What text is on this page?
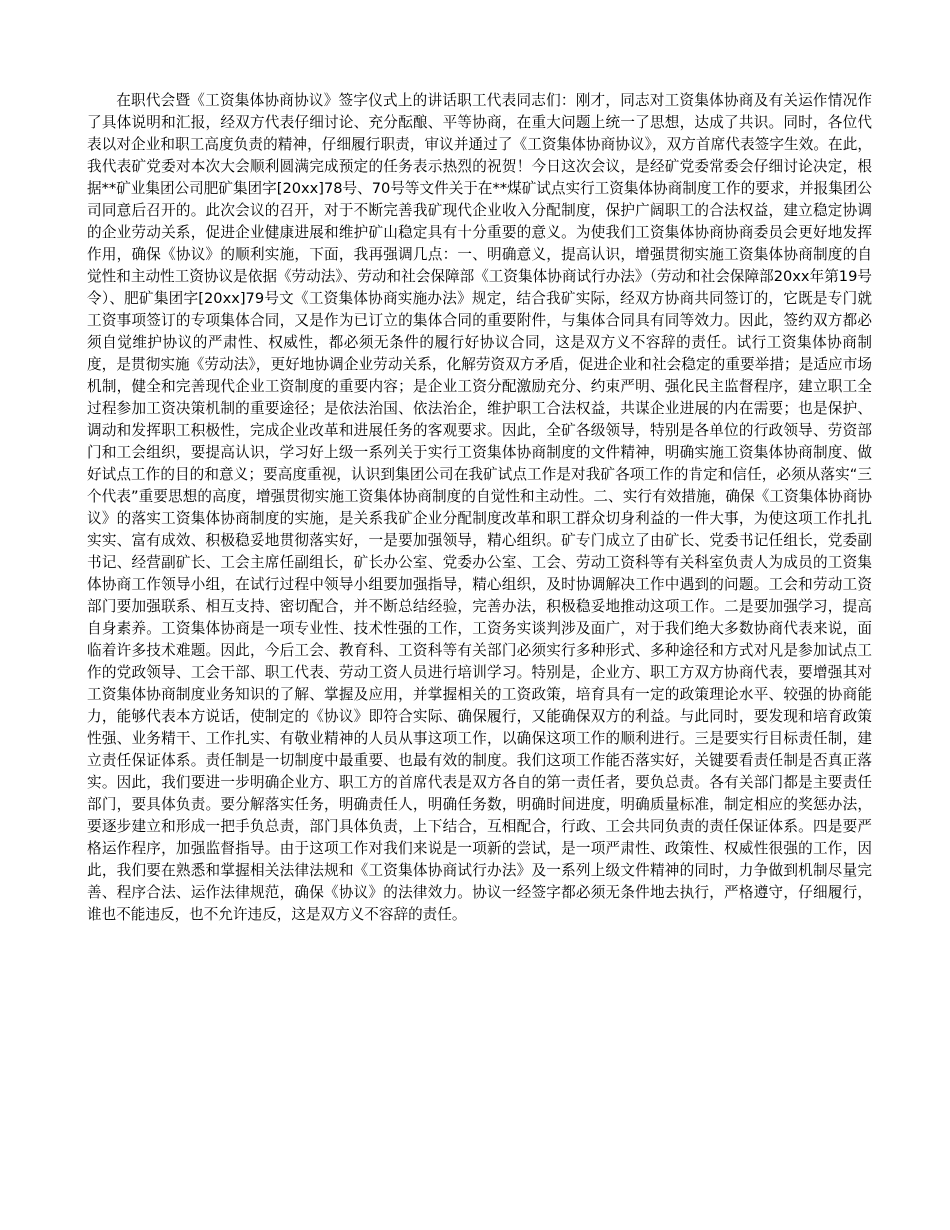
在职代会暨《工资集体协商协议》签字仪式上的讲话职工代表同志们：刚才，同志对工资集体协商及有关运作情况作了具体说明和汇报，经双方代表仔细讨论、充分酝酿、平等协商，在重大问题上统一了思想，达成了共识。同时，各位代表以对企业和职工高度负责的精神，仔细履行职责，审议并通过了《工资集体协商协议》，双方首席代表签字生效。在此，我代表矿党委对本次大会顺利圆满完成预定的任务表示热烈的祝贺！今日这次会议，是经矿党委常委会仔细讨论决定，根据**矿业集团公司肥矿集团字[20xx]78号、70号等文件关于在**煤矿试点实行工资集体协商制度工作的要求，并报集团公司同意后召开的。此次会议的召开，对于不断完善我矿现代企业收入分配制度，保护广阔职工的合法权益，建立稳定协调的企业劳动关系，促进企业健康进展和维护矿山稳定具有十分重要的意义。为使我们工资集体协商协商委员会更好地发挥作用，确保《协议》的顺利实施，下面，我再强调几点：一、明确意义，提高认识，增强贯彻实施工资集体协商制度的自觉性和主动性工资协议是依据《劳动法》、劳动和社会保障部《工资集体协商试行办法》（劳动和社会保障部20xx年第19号令）、肥矿集团字[20xx]79号文《工资集体协商实施办法》规定，结合我矿实际，经双方协商共同签订的，它既是专门就工资事项签订的专项集体合同，又是作为已订立的集体合同的重要附件，与集体合同具有同等效力。因此，签约双方都必须自觉维护协议的严肃性、权威性，都必须无条件的履行好协议合同，这是双方义不容辞的责任。试行工资集体协商制度，是贯彻实施《劳动法》，更好地协调企业劳动关系，化解劳资双方矛盾，促进企业和社会稳定的重要举措；是适应市场机制，健全和完善现代企业工资制度的重要内容；是企业工资分配激励充分、约束严明、强化民主监督程序，建立职工全过程参加工资决策机制的重要途径；是依法治国、依法治企，维护职工合法权益，共谋企业进展的内在需要；也是保护、调动和发挥职工积极性，完成企业改革和进展任务的客观要求。因此，全矿各级领导，特别是各单位的行政领导、劳资部门和工会组织，要提高认识，学习好上级一系列关于实行工资集体协商制度的文件精神，明确实施工资集体协商制度、做好试点工作的目的和意义；要高度重视，认识到集团公司在我矿试点工作是对我矿各项工作的肯定和信任，必须从落实“三个代表”重要思想的高度，增强贯彻实施工资集体协商制度的自觉性和主动性。二、实行有效措施，确保《工资集体协商协议》的落实工资集体协商制度的实施，是关系我矿企业分配制度改革和职工群众切身利益的一件大事，为使这项工作扎扎实实、富有成效、积极稳妥地贯彻落实好，一是要加强领导，精心组织。矿专门成立了由矿长、党委书记任组长，党委副书记、经营副矿长、工会主席任副组长，矿长办公室、党委办公室、工会、劳动工资科等有关科室负责人为成员的工资集体协商工作领导小组，在试行过程中领导小组要加强指导，精心组织，及时协调解决工作中遇到的问题。工会和劳动工资部门要加强联系、相互支持、密切配合，并不断总结经验，完善办法，积极稳妥地推动这项工作。二是要加强学习，提高自身素养。工资集体协商是一项专业性、技术性强的工作，工资务实谈判涉及面广，对于我们绝大多数协商代表来说，面临着许多技术难题。因此，今后工会、教育科、工资科等有关部门必须实行多种形式、多种途径和方式对凡是参加试点工作的党政领导、工会干部、职工代表、劳动工资人员进行培训学习。特别是，企业方、职工方双方协商代表，要增强其对工资集体协商制度业务知识的了解、掌握及应用，并掌握相关的工资政策，培育具有一定的政策理论水平、较强的协商能力，能够代表本方说话，使制定的《协议》即符合实际、确保履行，又能确保双方的利益。与此同时，要发现和培育政策性强、业务精干、工作扎实、有敬业精神的人员从事这项工作，以确保这项工作的顺利进行。三是要实行目标责任制，建立责任保证体系。责任制是一切制度中最重要、也最有效的制度。我们这项工作能否落实好，关键要看责任制是否真正落实。因此，我们要进一步明确企业方、职工方的首席代表是双方各自的第一责任者，要负总责。各有关部门都是主要责任部门，要具体负责。要分解落实任务，明确责任人，明确任务数，明确时间进度，明确质量标准，制定相应的奖惩办法，要逐步建立和形成一把手负总责，部门具体负责，上下结合，互相配合，行政、工会共同负责的责任保证体系。四是要严格运作程序，加强监督指导。由于这项工作对我们来说是一项新的尝试，是一项严肃性、政策性、权威性很强的工作，因此，我们要在熟悉和掌握相关法律法规和《工资集体协商试行办法》及一系列上级文件精神的同时，力争做到机制尽量完善、程序合法、运作法律规范，确保《协议》的法律效力。协议一经签字都必须无条件地去执行，严格遵守，仔细履行，谁也不能违反，也不允许违反，这是双方义不容辞的责任。
